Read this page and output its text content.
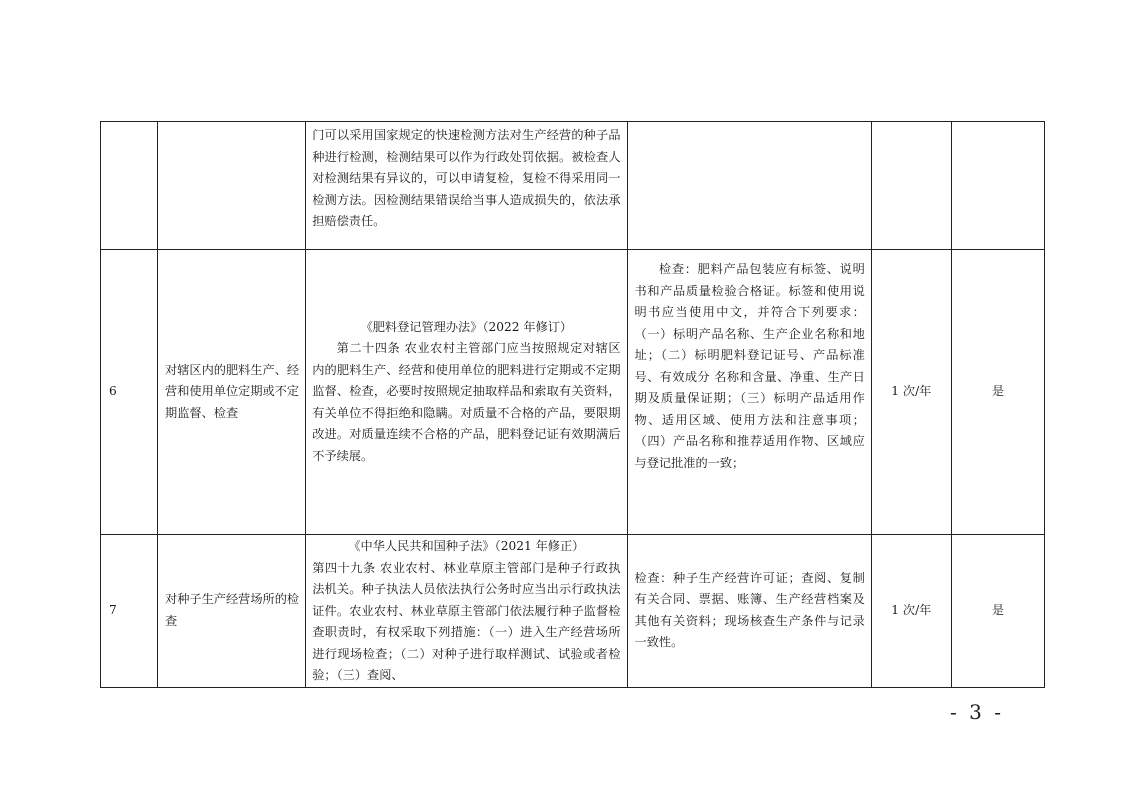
		门可以采用国家规定的快速检测方法对生产经营的种子品种进行检测，检测结果可以作为行政处罚依据。被检查人对检测结果有异议的，可以申请复检，复检不得采用同一检测方法。因检测结果错误给当事人造成损失的，依法承担赔偿责任。			

6	对辖区内的肥料生产、经营和使用单位定期或不定期监督、检查	《肥料登记管理办法》（2022 年修订）
第二十四条 农业农村主管部门应当按照规定对辖区内的肥料生产、经营和使用单位的肥料进行定期或不定期监督、检查，必要时按照规定抽取样品和索取有关资料，有关单位不得拒绝和隐瞒。对质量不合格的产品，要限期改进。对质量连续不合格的产品，肥料登记证有效期满后不予续展。	检查：肥料产品包装应有标签、说明书和产品质量检验合格证。标签和使用说明书应当使用中文，并符合下列要求：（一）标明产品名称、生产企业名称和地址；（二）标明肥料登记证号、产品标准号、有效成分 名称和含量、净重、生产日期及质量保证期；（三）标明产品适用作物、适用区域、使用方法和注意事项；（四）产品名称和推荐适用作物、区域应与登记批准的一致；	1 次/年	是
7	对种子生产经营场所的检查	《中华人民共和国种子法》（2021 年修正）
第四十九条 农业农村、林业草原主管部门是种子行政执法机关。种子执法人员依法执行公务时应当出示行政执法证件。农业农村、林业草原主管部门依法履行种子监督检查职责时，有权采取下列措施：（一）进入生产经营场所进行现场检查；（二）对种子进行取样测试、试验或者检验；（三）查阅、	检查：种子生产经营许可证；查阅、复制有关合同、票据、账簿、生产经营档案及其他有关资料；现场核查生产条件与记录一致性。	1 次/年	是
- 3 -
